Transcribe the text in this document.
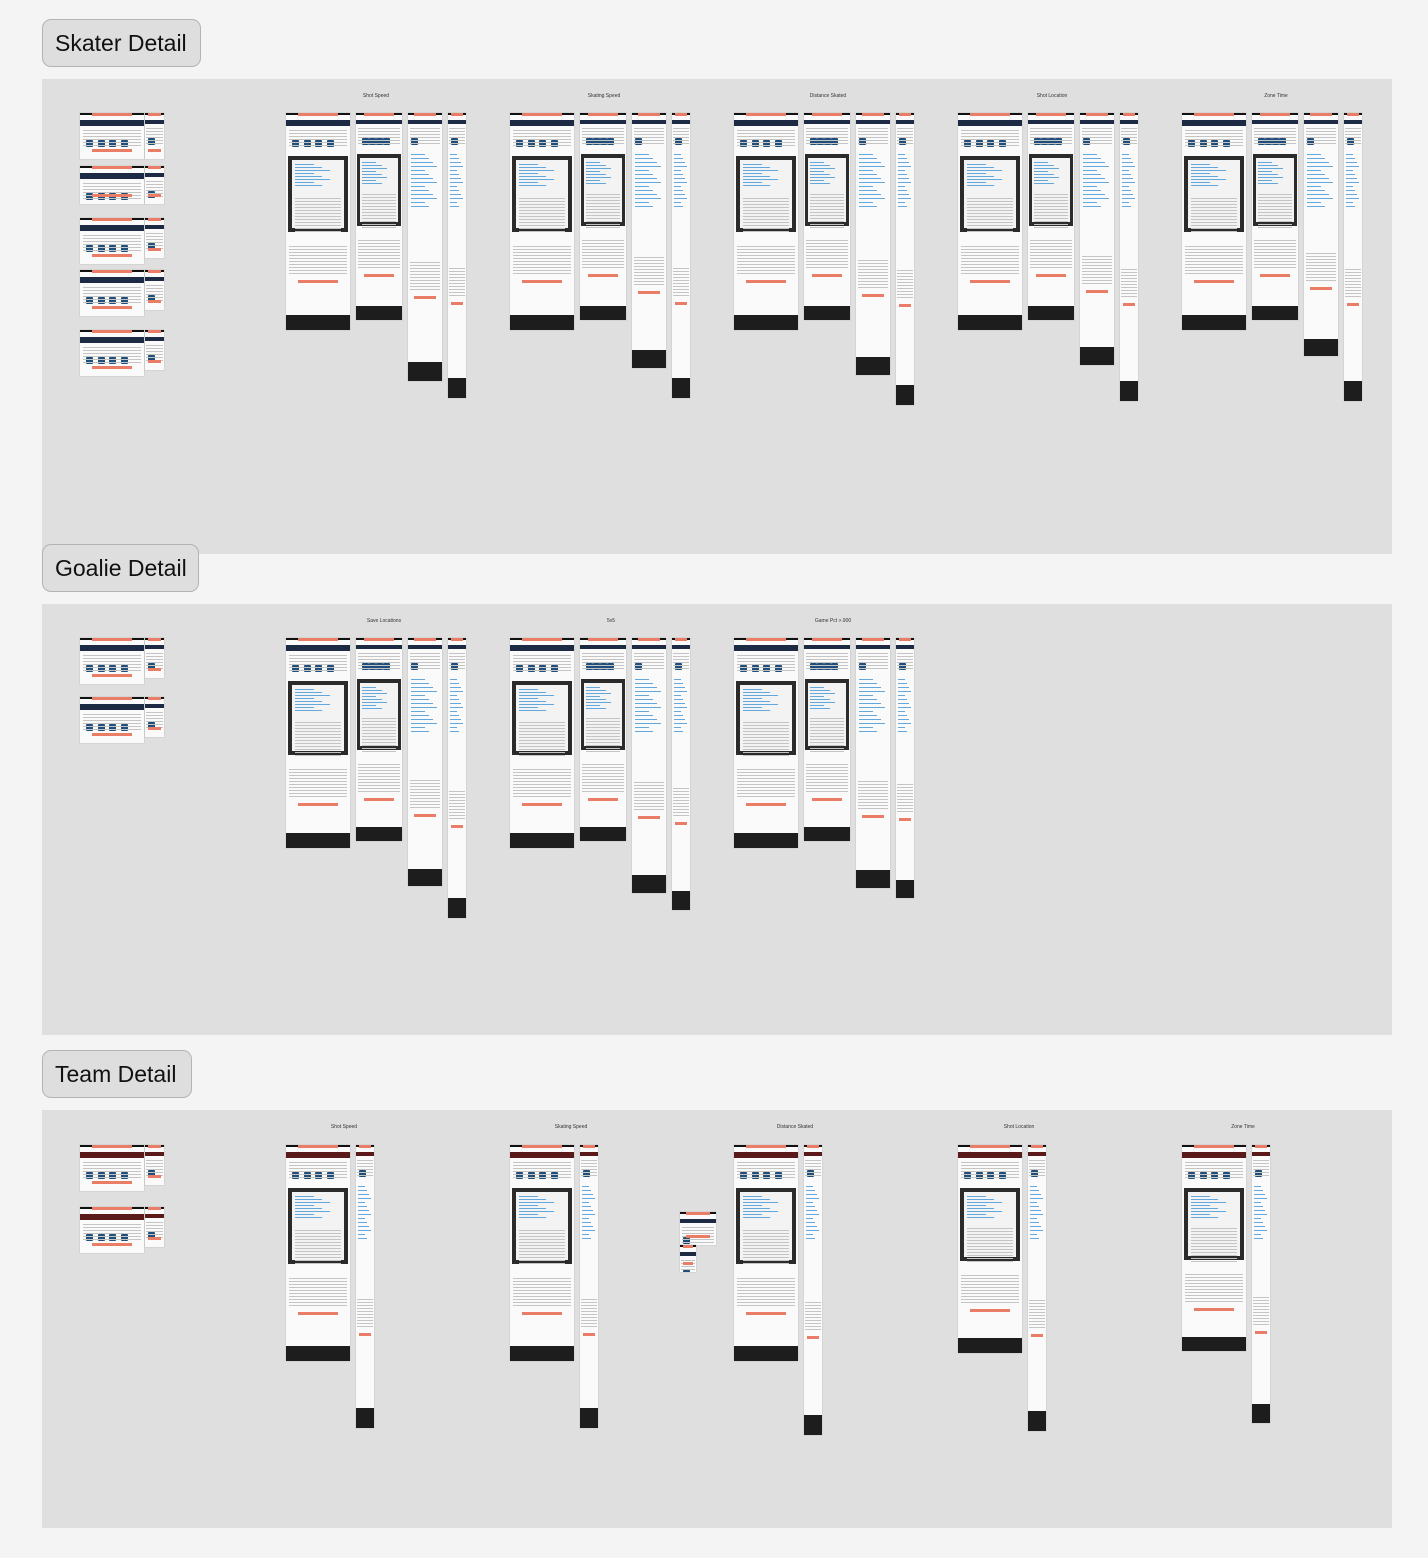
Skater Detail
Goalie Detail
Team Detail
Shot Speed	Skating Speed	Distance Skated	Shot Location	Zone Time
Save Locations	5v5	Game Pct >.900
Shot Speed	Skating Speed	Distance Skated	Shot Location	Zone Time
